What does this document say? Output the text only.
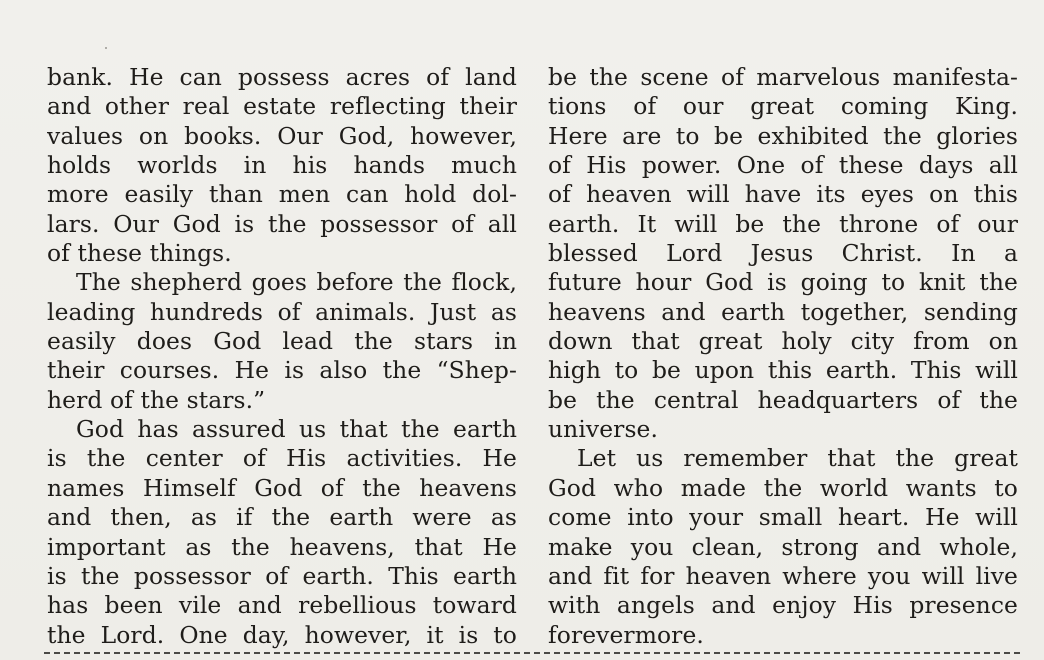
bank. He can possess acres of land
and other real estate reflecting their
values on books. Our God, however,
holds worlds in his hands much
more easily than men can hold dol-
lars. Our God is the possessor of all
of these things.
The shepherd goes before the flock,
leading hundreds of animals. Just as
easily does God lead the stars in
their courses. He is also the “Shep-
herd of the stars.”
God has assured us that the earth
is the center of His activities. He
names Himself God of the heavens
and then, as if the earth were as
important as the heavens, that He
is the possessor of earth. This earth
has been vile and rebellious toward
the Lord. One day, however, it is to
be the scene of marvelous manifesta-
tions of our great coming King.
Here are to be exhibited the glories
of His power. One of these days all
of heaven will have its eyes on this
earth. It will be the throne of our
blessed Lord Jesus Christ. In a
future hour God is going to knit the
heavens and earth together, sending
down that great holy city from on
high to be upon this earth. This will
be the central headquarters of the
universe.
Let us remember that the great
God who made the world wants to
come into your small heart. He will
make you clean, strong and whole,
and fit for heaven where you will live
with angels and enjoy His presence
forevermore.
